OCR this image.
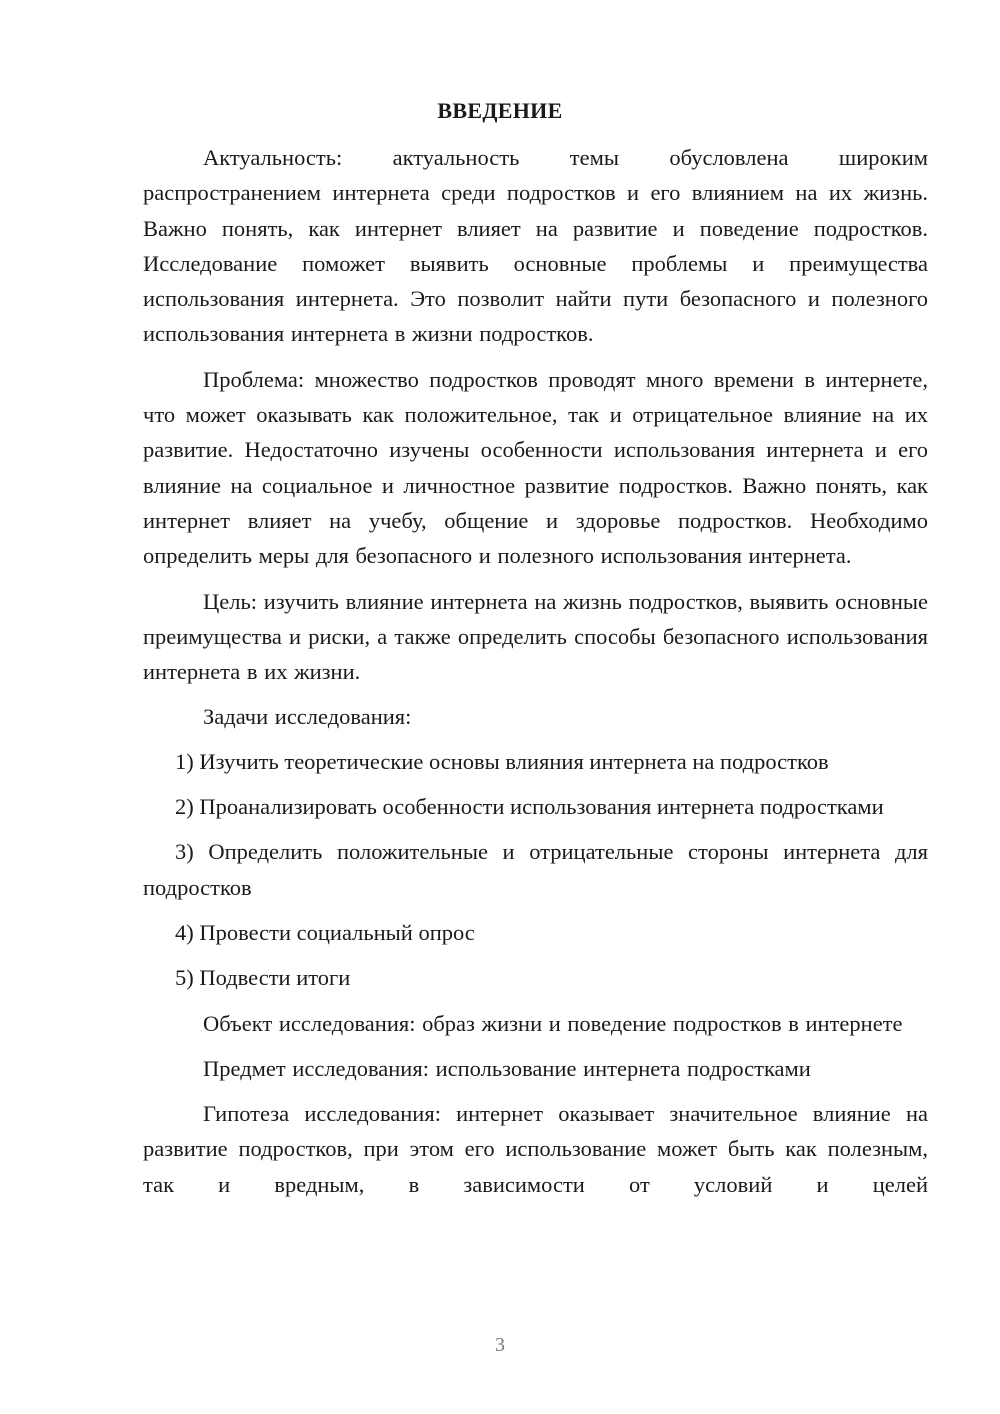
ВВЕДЕНИЕ

Актуальность: актуальность темы обусловлена широким распространением интернета среди подростков и его влиянием на их жизнь. Важно понять, как интернет влияет на развитие и поведение подростков. Исследование поможет выявить основные проблемы и преимущества использования интернета. Это позволит найти пути безопасного и полезного использования интернета в жизни подростков.

Проблема: множество подростков проводят много времени в интернете, что может оказывать как положительное, так и отрицательное влияние на их развитие. Недостаточно изучены особенности использования интернета и его влияние на социальное и личностное развитие подростков. Важно понять, как интернет влияет на учебу, общение и здоровье подростков. Необходимо определить меры для безопасного и полезного использования интернета.

Цель: изучить влияние интернета на жизнь подростков, выявить основные преимущества и риски, а также определить способы безопасного использования интернета в их жизни.

Задачи исследования:

1) Изучить теоретические основы влияния интернета на подростков

2) Проанализировать особенности использования интернета подростками

3) Определить положительные и отрицательные стороны интернета для подростков

4) Провести социальный опрос

5) Подвести итоги

Объект исследования: образ жизни и поведение подростков в интернете

Предмет исследования: использование интернета подростками

Гипотеза исследования: интернет оказывает значительное влияние на развитие подростков, при этом его использование может быть как полезным, так и вредным, в зависимости от условий и целей

3
